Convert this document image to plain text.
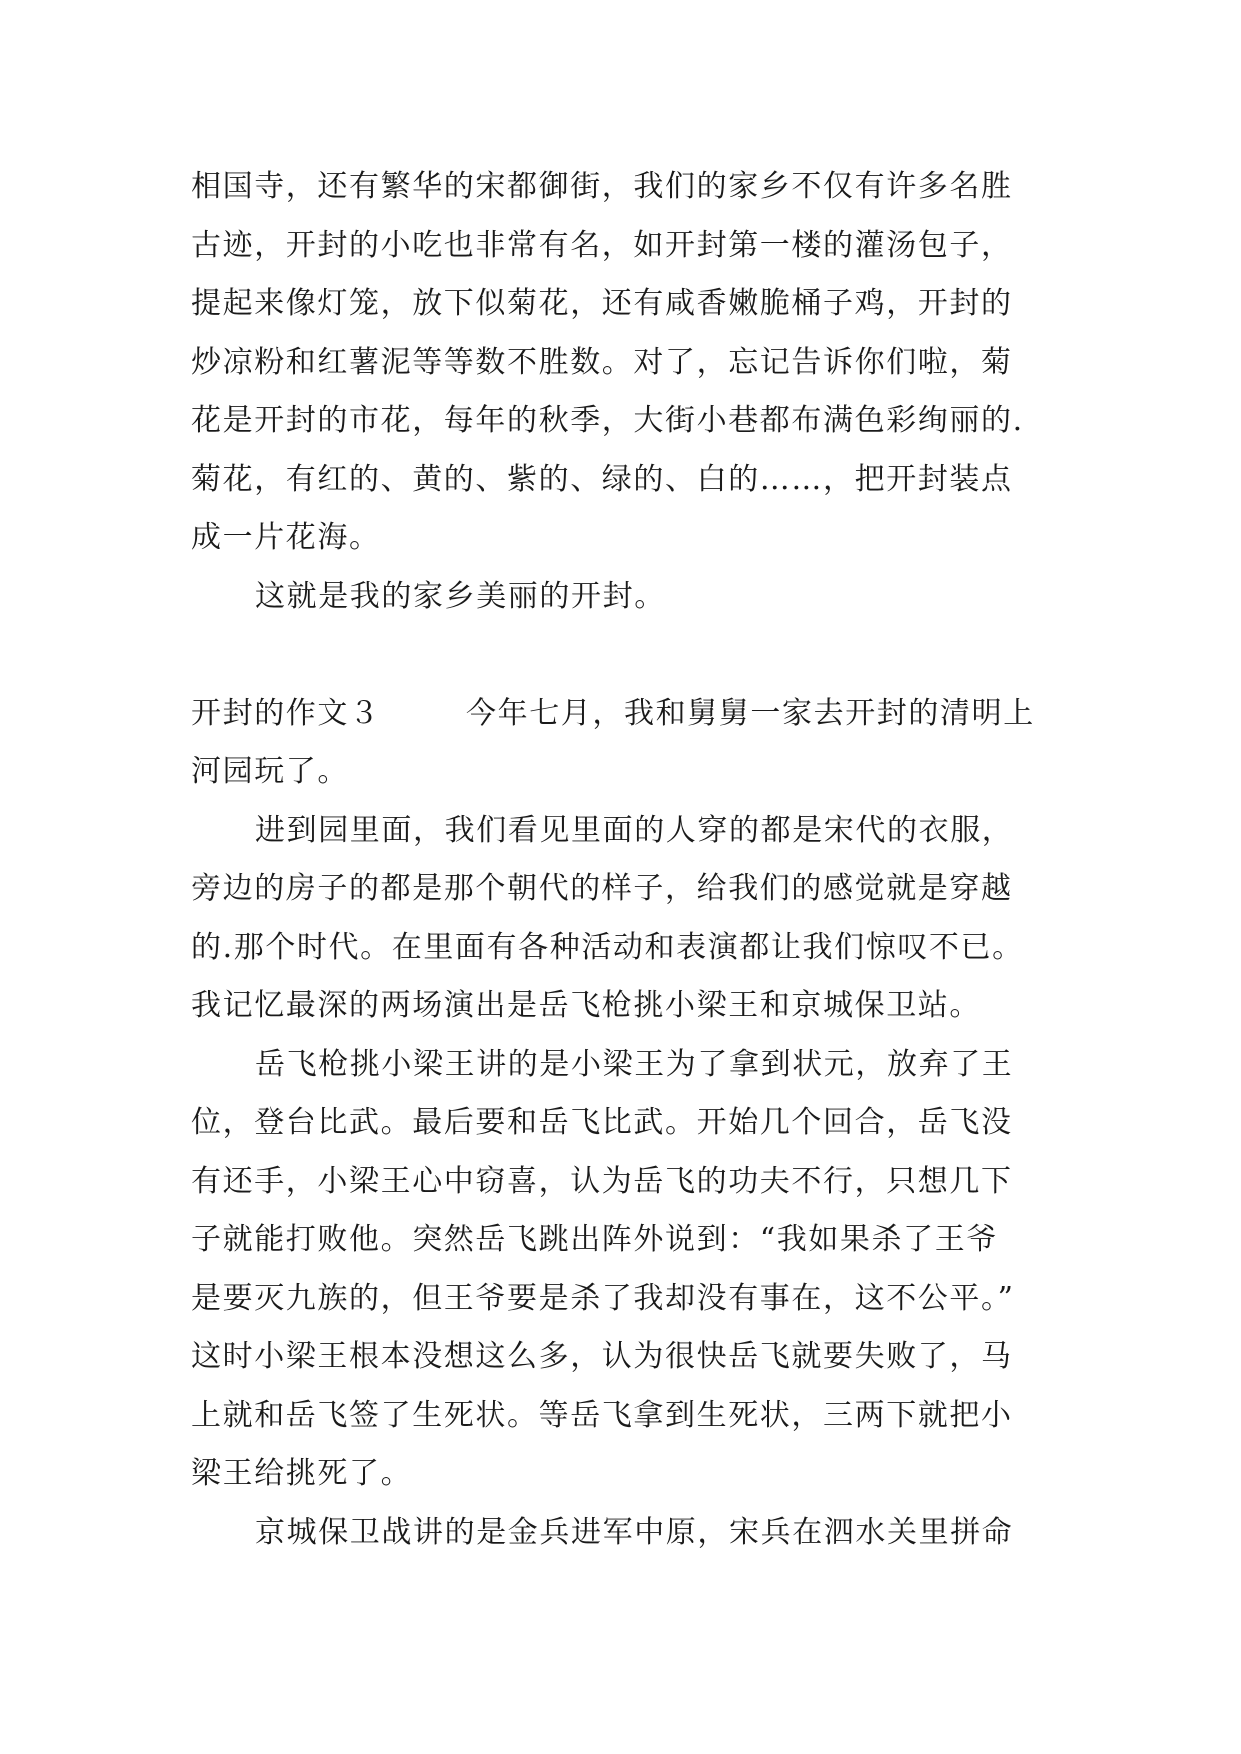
相国寺，还有繁华的宋都御街，我们的家乡不仅有许多名胜
古迹，开封的小吃也非常有名，如开封第一楼的灌汤包子，
提起来像灯笼，放下似菊花，还有咸香嫩脆桶子鸡，开封的
炒凉粉和红薯泥等等数不胜数。对了，忘记告诉你们啦，菊
花是开封的市花，每年的秋季，大街小巷都布满色彩绚丽的.
菊花，有红的、黄的、紫的、绿的、白的……，把开封装点
成一片花海。
这就是我的家乡美丽的开封。
开封的作文３	今年七月，我和舅舅一家去开封的清明上
河园玩了。
进到园里面，我们看见里面的人穿的都是宋代的衣服，
旁边的房子的都是那个朝代的样子，给我们的感觉就是穿越
的.那个时代。在里面有各种活动和表演都让我们惊叹不已。
我记忆最深的两场演出是岳飞枪挑小梁王和京城保卫站。
岳飞枪挑小梁王讲的是小梁王为了拿到状元，放弃了王
位，登台比武。最后要和岳飞比武。开始几个回合，岳飞没
有还手，小梁王心中窃喜，认为岳飞的功夫不行，只想几下
子就能打败他。突然岳飞跳出阵外说到：“我如果杀了王爷
是要灭九族的，但王爷要是杀了我却没有事在，这不公平。”
这时小梁王根本没想这么多，认为很快岳飞就要失败了，马
上就和岳飞签了生死状。等岳飞拿到生死状，三两下就把小
梁王给挑死了。
京城保卫战讲的是金兵进军中原，宋兵在泗水关里拼命
